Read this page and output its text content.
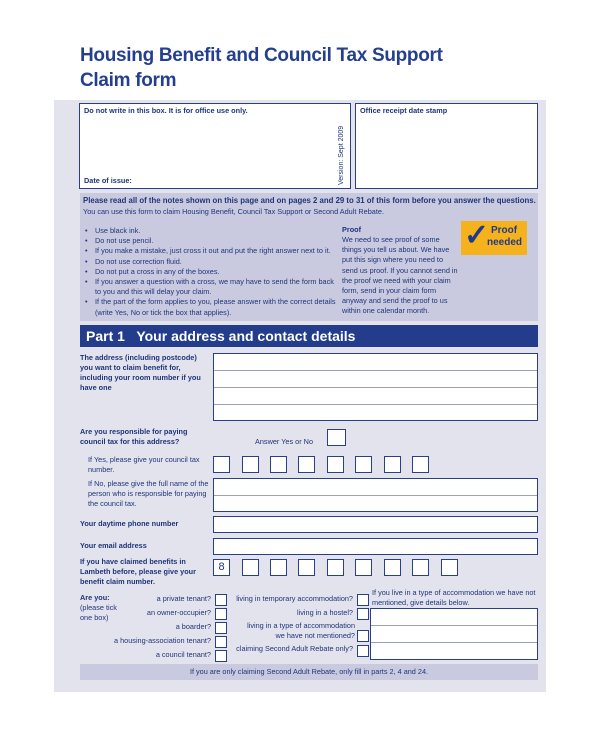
Housing Benefit and Council Tax Support
Claim form
Do not write in this box. It is for office use only.
Date of issue:	Version: Sept 2009
Office receipt date stamp
Please read all of the notes shown on this page and on pages 2 and 29 to 31 of this form before you answer the questions.
You can use this form to claim Housing Benefit, Council Tax Support or Second Adult Rebate.
• Use black ink.
• Do not use pencil.
• If you make a mistake, just cross it out and put the right answer next to it.
• Do not use correction fluid.
• Do not put a cross in any of the boxes.
• If you answer a question with a cross, we may have to send the form back to you and this will delay your claim.
• If the part of the form applies to you, please answer with the correct details (write Yes, No or tick the box that applies).
Proof
We need to see proof of some things you tell us about. We have put this sign where you need to send us proof. If you cannot send in the proof we need with your claim form, send in your claim form anyway and send the proof to us within one calendar month.
✓ Proof
needed
Part 1   Your address and contact details
The address (including postcode) you want to claim benefit for, including your room number if you have one
Are you responsible for paying council tax for this address?	Answer Yes or No
If Yes, please give your council tax number.
If No, please give the full name of the person who is responsible for paying the council tax.
Your daytime phone number
Your email address
If you have claimed benefits in Lambeth before, please give your benefit claim number.
8
Are you:
(please tick one box)
a private tenant?
an owner-occupier?
a boarder?
a housing-association tenant?
a council tenant?
living in temporary accommodation?
living in a hostel?
living in a type of accommodation we have not mentioned?
claiming Second Adult Rebate only?
If you live in a type of accommodation we have not mentioned, give details below.
If you are only claiming Second Adult Rebate, only fill in parts 2, 4 and 24.
